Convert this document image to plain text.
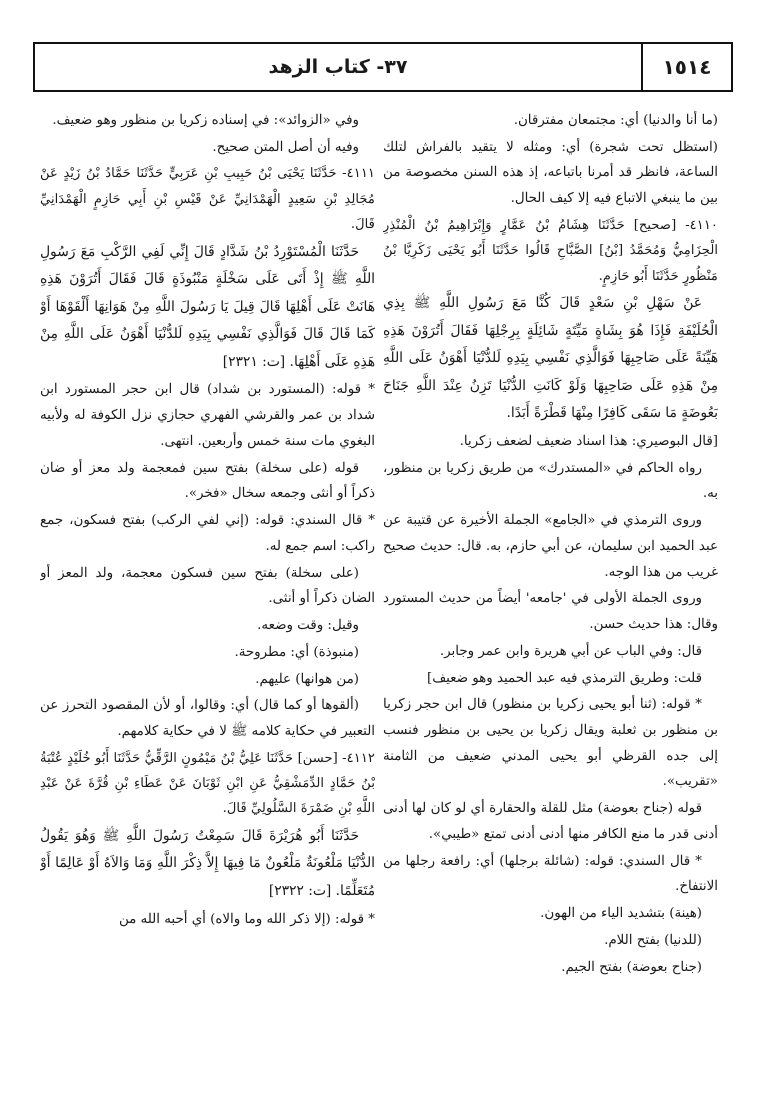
٣٧- كتاب الزهد	١٥١٤

(ما أنا والدنيا) أي: مجتمعان مفترقان.

(استظل تحت شجرة) أي: ومثله لا يتقيد بالفراش لتلك الساعة، فانظر قد أمرنا باتباعه، إذ هذه السنن مخصوصة من بين ما ينبغي الاتباع فيه إلا كيف الحال.

٤١١٠- [صحيح] حَدَّثَنَا هِشَامُ بْنُ عَمَّارٍ وَإِبْرَاهِيمُ بْنُ الْمُنْذِرِ الْحِزَامِيُّ وَمُحَمَّدُ [بْنُ] الصَّبَّاحِ قَالُوا حَدَّثَنَا أَبُو يَحْيَى زَكَرِيَّا بْنُ مَنْظُورٍ حَدَّثَنَا أَبُو حَازِمٍ.

عَنْ سَهْلِ بْنِ سَعْدٍ قَالَ كُنَّا مَعَ رَسُولِ اللَّهِ ﷺ بِذِي الْحُلَيْفَةِ فَإِذَا هُوَ بِشَاةٍ مَيِّتَةٍ شَائِلَةٍ بِرِجْلِهَا فَقَالَ أَتُرَوْنَ هَذِهِ هَيِّنَةً عَلَى صَاحِبِهَا فَوَالَّذِي نَفْسِي بِيَدِهِ لَلدُّنْيَا أَهْوَنُ عَلَى اللَّهِ مِنْ هَذِهِ عَلَى صَاحِبِهَا وَلَوْ كَانَتِ الدُّنْيَا تَزِنُ عِنْدَ اللَّهِ جَنَاحَ بَعُوضَةٍ مَا سَقَى كَافِرًا مِنْهَا قَطْرَةً أَبَدًا.

[قال البوصيري: هذا اسناد ضعيف لضعف زكريا.

رواه الحاكم في «المستدرك» من طريق زكريا بن منظور، به.

وروى الترمذي في «الجامع» الجملة الأخيرة عن قتيبة عن عبد الحميد ابن سليمان، عن أبي حازم، به. قال: حديث صحيح غريب من هذا الوجه.

وروى الجملة الأولى في 'جامعه' أيضاً من حديث المستورد وقال: هذا حديث حسن.

قال: وفي الباب عن أبي هريرة وابن عمر وجابر.

قلت: وطريق الترمذي فيه عبد الحميد وهو ضعيف]

* قوله: (ثنا أبو يحيى زكريا بن منظور) قال ابن حجر زكريا بن منظور بن ثعلبة ويقال زكريا بن يحيى بن منظور فنسب إلى جده القرظي أبو يحيى المدني ضعيف من الثامنة «تقريب».

قوله (جناح بعوضة) مثل للقلة والحقارة أي لو كان لها أدنى أدنى قدر ما منع الكافر منها أدنى أدنى تمتع «طيبي».

* قال السندي: قوله: (شائلة برجلها) أي: رافعة رجلها من الانتفاخ.

(هينة) بتشديد الياء من الهون.

(للدنيا) بفتح اللام.

(جناح بعوضة) بفتح الجيم.

وفي «الزوائد»: في إسناده زكريا بن منظور وهو ضعيف.

وفيه أن أصل المتن صحيح.

٤١١١- حَدَّثَنَا يَحْيَى بْنُ حَبِيبِ بْنِ عَرَبِيٍّ حَدَّثَنَا حَمَّادُ بْنُ زَيْدٍ عَنْ مُجَالِدِ بْنِ سَعِيدٍ الْهَمْدَانِيِّ عَنْ قَيْسِ بْنِ أَبِي حَازِمٍ الْهَمْدَانِيِّ قَالَ.

حَدَّثَنَا الْمُسْتَوْرِدُ بْنُ شَدَّادٍ قَالَ إِنِّي لَفِي الرَّكْبِ مَعَ رَسُولِ اللَّهِ ﷺ إِذْ أَتَى عَلَى سَخْلَةٍ مَنْبُوذَةٍ قَالَ فَقَالَ أَتُرَوْنَ هَذِهِ هَانَتْ عَلَى أَهْلِهَا قَالَ قِيلَ يَا رَسُولَ اللَّهِ مِنْ هَوَانِهَا أَلْقَوْهَا أَوْ كَمَا قَالَ قَالَ فَوَالَّذِي نَفْسِي بِيَدِهِ لَلدُّنْيَا أَهْوَنُ عَلَى اللَّهِ مِنْ هَذِهِ عَلَى أَهْلِهَا. [ت: ٢٣٢١]

* قوله: (المستورد بن شداد) قال ابن حجر المستورد ابن شداد بن عمر والقرشي الفهري حجازي نزل الكوفة له ولأبيه البغوي مات سنة خمس وأربعين. انتهى.

قوله (على سخلة) بفتح سين فمعجمة ولد معز أو ضان ذكراً أو أنثى وجمعه سخال «فخر».

* قال السندي: قوله: (إني لفي الركب) بفتح فسكون، جمع راكب: اسم جمع له.

(على سخلة) بفتح سين فسكون معجمة، ولد المعز أو الضان ذكراً أو أنثى.

وقيل: وقت وضعه.

(منبوذة) أي: مطروحة.

(من هوانها) عليهم.

(ألقوها أو كما قال) أي: وقالوا، أو لأن المقصود التحرز عن التعبير في حكاية كلامه ﷺ لا في حكاية كلامهم.

٤١١٢- [حسن] حَدَّثَنَا عَلِيُّ بْنُ مَيْمُونٍ الرَّقِّيُّ حَدَّثَنَا أَبُو خُلَيْدٍ عُتْبَةُ بْنُ حَمَّادٍ الدِّمَشْقِيُّ عَنِ ابْنِ ثَوْبَانَ عَنْ عَطَاءِ بْنِ قُرَّةَ عَنْ عَبْدِ اللَّهِ بْنِ ضَمْرَةَ السَّلُولِيِّ قَالَ.

حَدَّثَنَا أَبُو هُرَيْرَةَ قَالَ سَمِعْتُ رَسُولَ اللَّهِ ﷺ وَهُوَ يَقُولُ الدُّنْيَا مَلْعُونَةٌ مَلْعُونٌ مَا فِيهَا إِلاَّ ذِكْرَ اللَّهِ وَمَا وَالاَهُ أَوْ عَالِمًا أَوْ مُتَعَلِّمًا. [ت: ٢٣٢٢]

* قوله: (إلا ذكر الله وما والاه) أي أحبه الله من
